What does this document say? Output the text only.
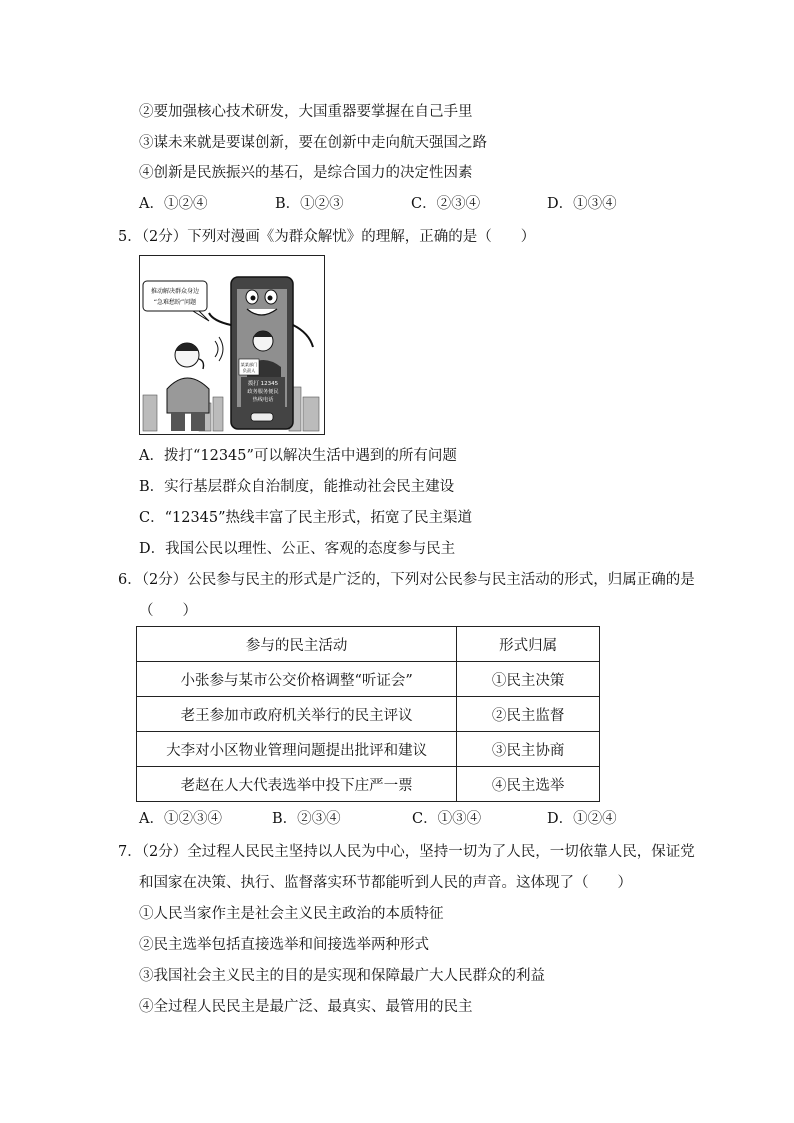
②要加强核心技术研发，大国重器要掌握在自己手里
③谋未来就是要谋创新，要在创新中走向航天强国之路
④创新是民族振兴的基石，是综合国力的决定性因素
A．①②④	B．①②③	C．②③④	D．①③④
5．（2分）下列对漫画《为群众解忧》的理解，正确的是（　　）
某某部门
负责人
拨打 12345
政务服务便民
热线电话
推动解决群众身边
“急难愁盼”问题
A．拨打“12345”可以解决生活中遇到的所有问题
B．实行基层群众自治制度，能推动社会民主建设
C．“12345”热线丰富了民主形式，拓宽了民主渠道
D．我国公民以理性、公正、客观的态度参与民主
6．（2分）公民参与民主的形式是广泛的，下列对公民参与民主活动的形式，归属正确的是
（　　）
参与的民主活动	形式归属
小张参与某市公交价格调整“听证会”	①民主决策
老王参加市政府机关举行的民主评议	②民主监督
大李对小区物业管理问题提出批评和建议	③民主协商
老赵在人大代表选举中投下庄严一票	④民主选举
A．①②③④	B．②③④	C．①③④	D．①②④
7．（2分）全过程人民民主坚持以人民为中心，坚持一切为了人民，一切依靠人民，保证党
和国家在决策、执行、监督落实环节都能听到人民的声音。这体现了（　　）
①人民当家作主是社会主义民主政治的本质特征
②民主选举包括直接选举和间接选举两种形式
③我国社会主义民主的目的是实现和保障最广大人民群众的利益
④全过程人民民主是最广泛、最真实、最管用的民主
